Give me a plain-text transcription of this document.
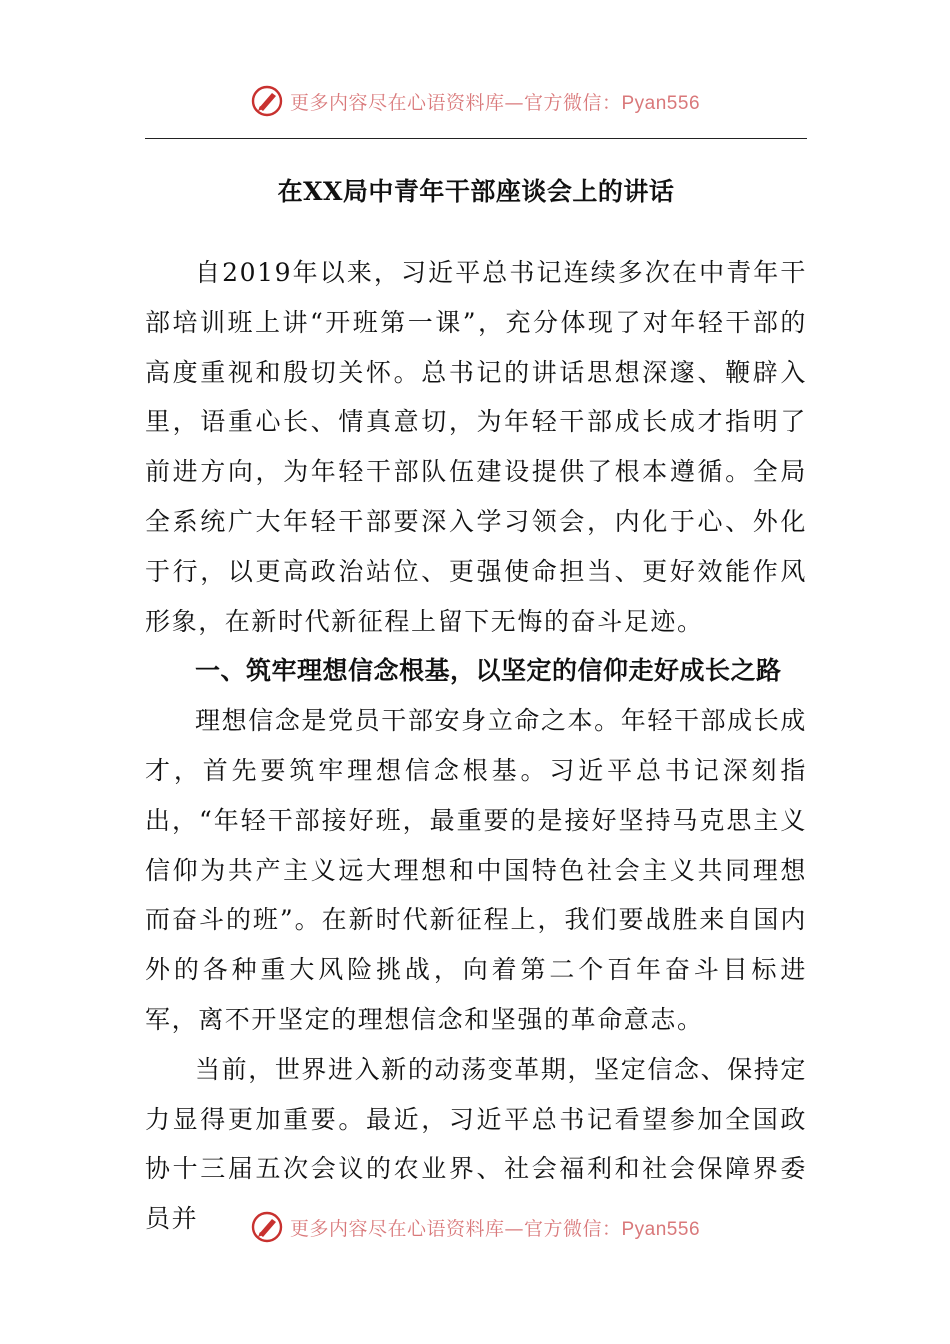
更多内容尽在心语资料库—官方微信：Pyan556
在XX局中青年干部座谈会上的讲话

自2019年以来，习近平总书记连续多次在中青年干部培训班上讲“开班第一课”，充分体现了对年轻干部的高度重视和殷切关怀。总书记的讲话思想深邃、鞭辟入里，语重心长、情真意切，为年轻干部成长成才指明了前进方向，为年轻干部队伍建设提供了根本遵循。全局全系统广大年轻干部要深入学习领会，内化于心、外化于行，以更高政治站位、更强使命担当、更好效能作风形象，在新时代新征程上留下无悔的奋斗足迹。

一、筑牢理想信念根基，以坚定的信仰走好成长之路

理想信念是党员干部安身立命之本。年轻干部成长成才，首先要筑牢理想信念根基。习近平总书记深刻指出，“年轻干部接好班，最重要的是接好坚持马克思主义信仰为共产主义远大理想和中国特色社会主义共同理想而奋斗的班”。在新时代新征程上，我们要战胜来自国内外的各种重大风险挑战，向着第二个百年奋斗目标进军，离不开坚定的理想信念和坚强的革命意志。

当前，世界进入新的动荡变革期，坚定信念、保持定力显得更加重要。最近，习近平总书记看望参加全国政协十三届五次会议的农业界、社会福利和社会保障界委员并	更多内容尽在心语资料库—官方微信：Pyan556
